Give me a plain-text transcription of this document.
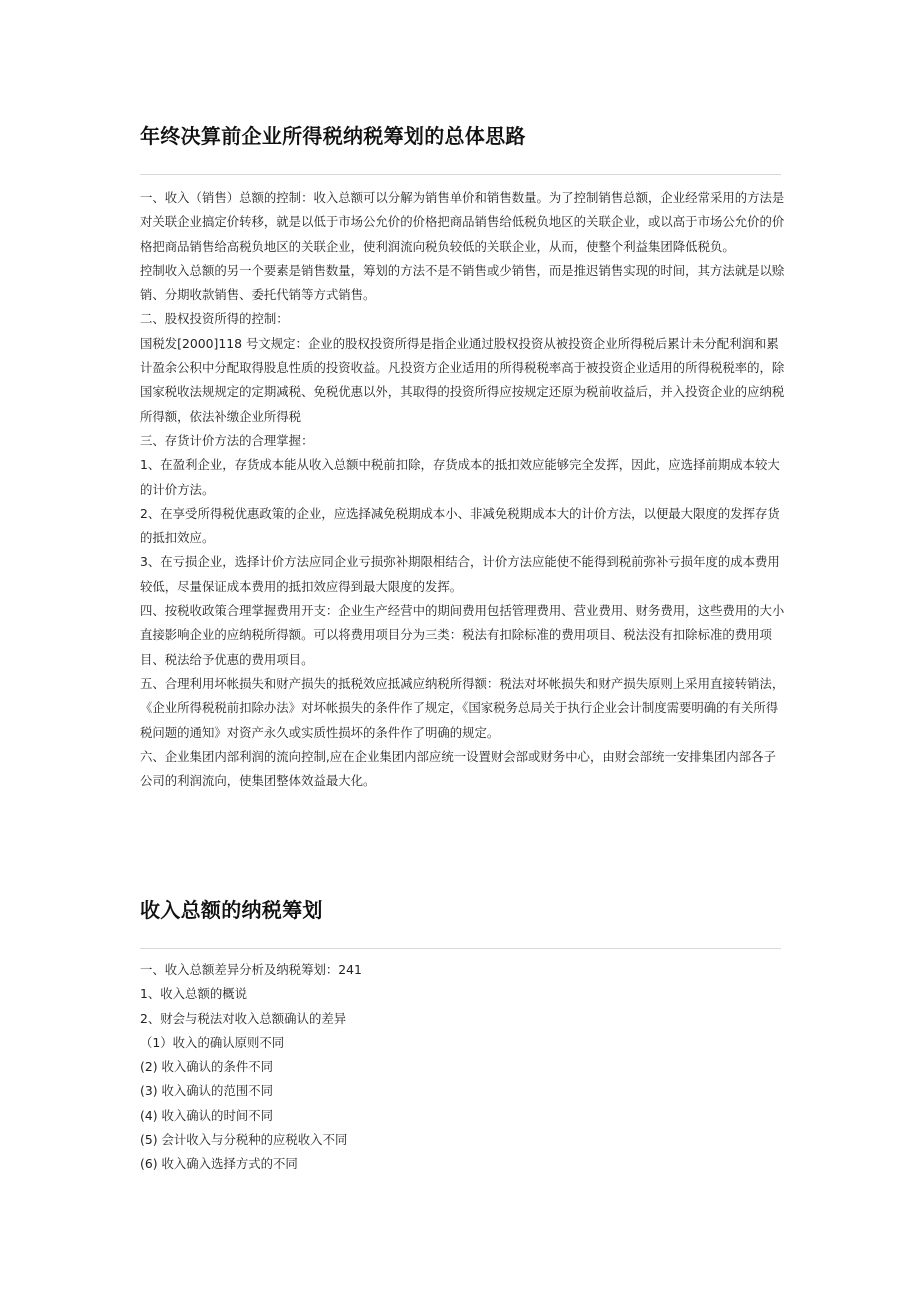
年终决算前企业所得税纳税筹划的总体思路

一、收入（销售）总额的控制：收入总额可以分解为销售单价和销售数量。为了控制销售总额，企业经常采用的方法是对关联企业搞定价转移，就是以低于市场公允价的价格把商品销售给低税负地区的关联企业，或以高于市场公允价的价格把商品销售给高税负地区的关联企业，使利润流向税负较低的关联企业，从而，使整个利益集团降低税负。

控制收入总额的另一个要素是销售数量，筹划的方法不是不销售或少销售，而是推迟销售实现的时间，其方法就是以赊销、分期收款销售、委托代销等方式销售。

二、股权投资所得的控制：

国税发[2000]118 号文规定：企业的股权投资所得是指企业通过股权投资从被投资企业所得税后累计未分配利润和累计盈余公积中分配取得股息性质的投资收益。凡投资方企业适用的所得税税率高于被投资企业适用的所得税税率的，除国家税收法规规定的定期减税、免税优惠以外，其取得的投资所得应按规定还原为税前收益后，并入投资企业的应纳税所得额，依法补缴企业所得税

三、存货计价方法的合理掌握：

1、在盈利企业，存货成本能从收入总额中税前扣除，存货成本的抵扣效应能够完全发挥，因此，应选择前期成本较大的计价方法。

2、在享受所得税优惠政策的企业，应选择减免税期成本小、非减免税期成本大的计价方法，以便最大限度的发挥存货的抵扣效应。

3、在亏损企业，选择计价方法应同企业亏损弥补期限相结合，计价方法应能使不能得到税前弥补亏损年度的成本费用较低，尽量保证成本费用的抵扣效应得到最大限度的发挥。

四、按税收政策合理掌握费用开支：企业生产经营中的期间费用包括管理费用、营业费用、财务费用，这些费用的大小直接影响企业的应纳税所得额。可以将费用项目分为三类：税法有扣除标准的费用项目、税法没有扣除标准的费用项目、税法给予优惠的费用项目。

五、合理利用坏帐损失和财产损失的抵税效应抵减应纳税所得额：税法对坏帐损失和财产损失原则上采用直接转销法，《企业所得税税前扣除办法》对坏帐损失的条件作了规定，《国家税务总局关于执行企业会计制度需要明确的有关所得税问题的通知》对资产永久或实质性损坏的条件作了明确的规定。

六、企业集团内部利润的流向控制,应在企业集团内部应统一设置财会部或财务中心，由财会部统一安排集团内部各子公司的利润流向，使集团整体效益最大化。

收入总额的纳税筹划

一、收入总额差异分析及纳税筹划：241

1、收入总额的概说

2、财会与税法对收入总额确认的差异

（1）收入的确认原则不同

(2) 收入确认的条件不同

(3) 收入确认的范围不同

(4) 收入确认的时间不同

(5) 会计收入与分税种的应税收入不同

(6) 收入确入选择方式的不同
